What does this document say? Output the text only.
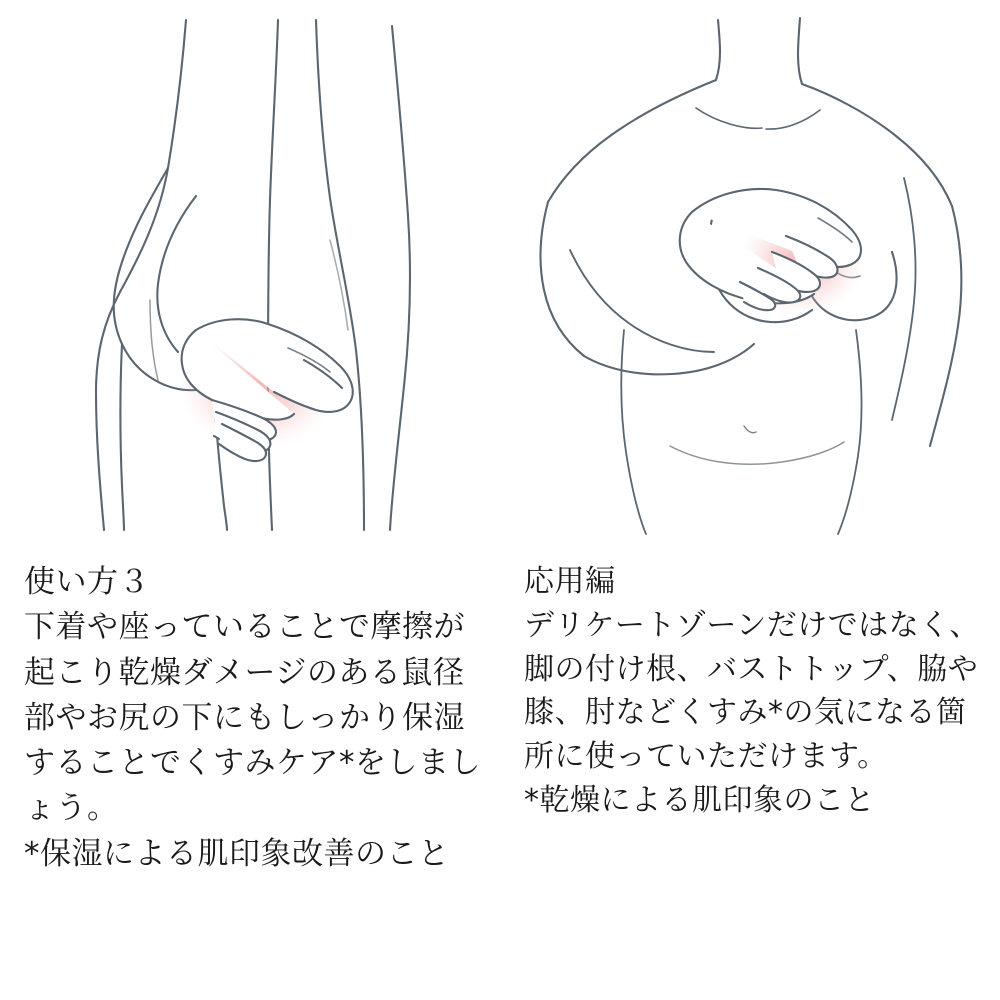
使い方３

下着や座っていることで摩擦が起こり乾燥ダメージのある鼠径部やお尻の下にもしっかり保湿することでくすみケア*をしましょう。

*保湿による肌印象改善のこと

応用編

デリケートゾーンだけではなく、脚の付け根、バストトップ、脇や膝、肘などくすみ*の気になる箇所に使っていただけます。

*乾燥による肌印象のこと
